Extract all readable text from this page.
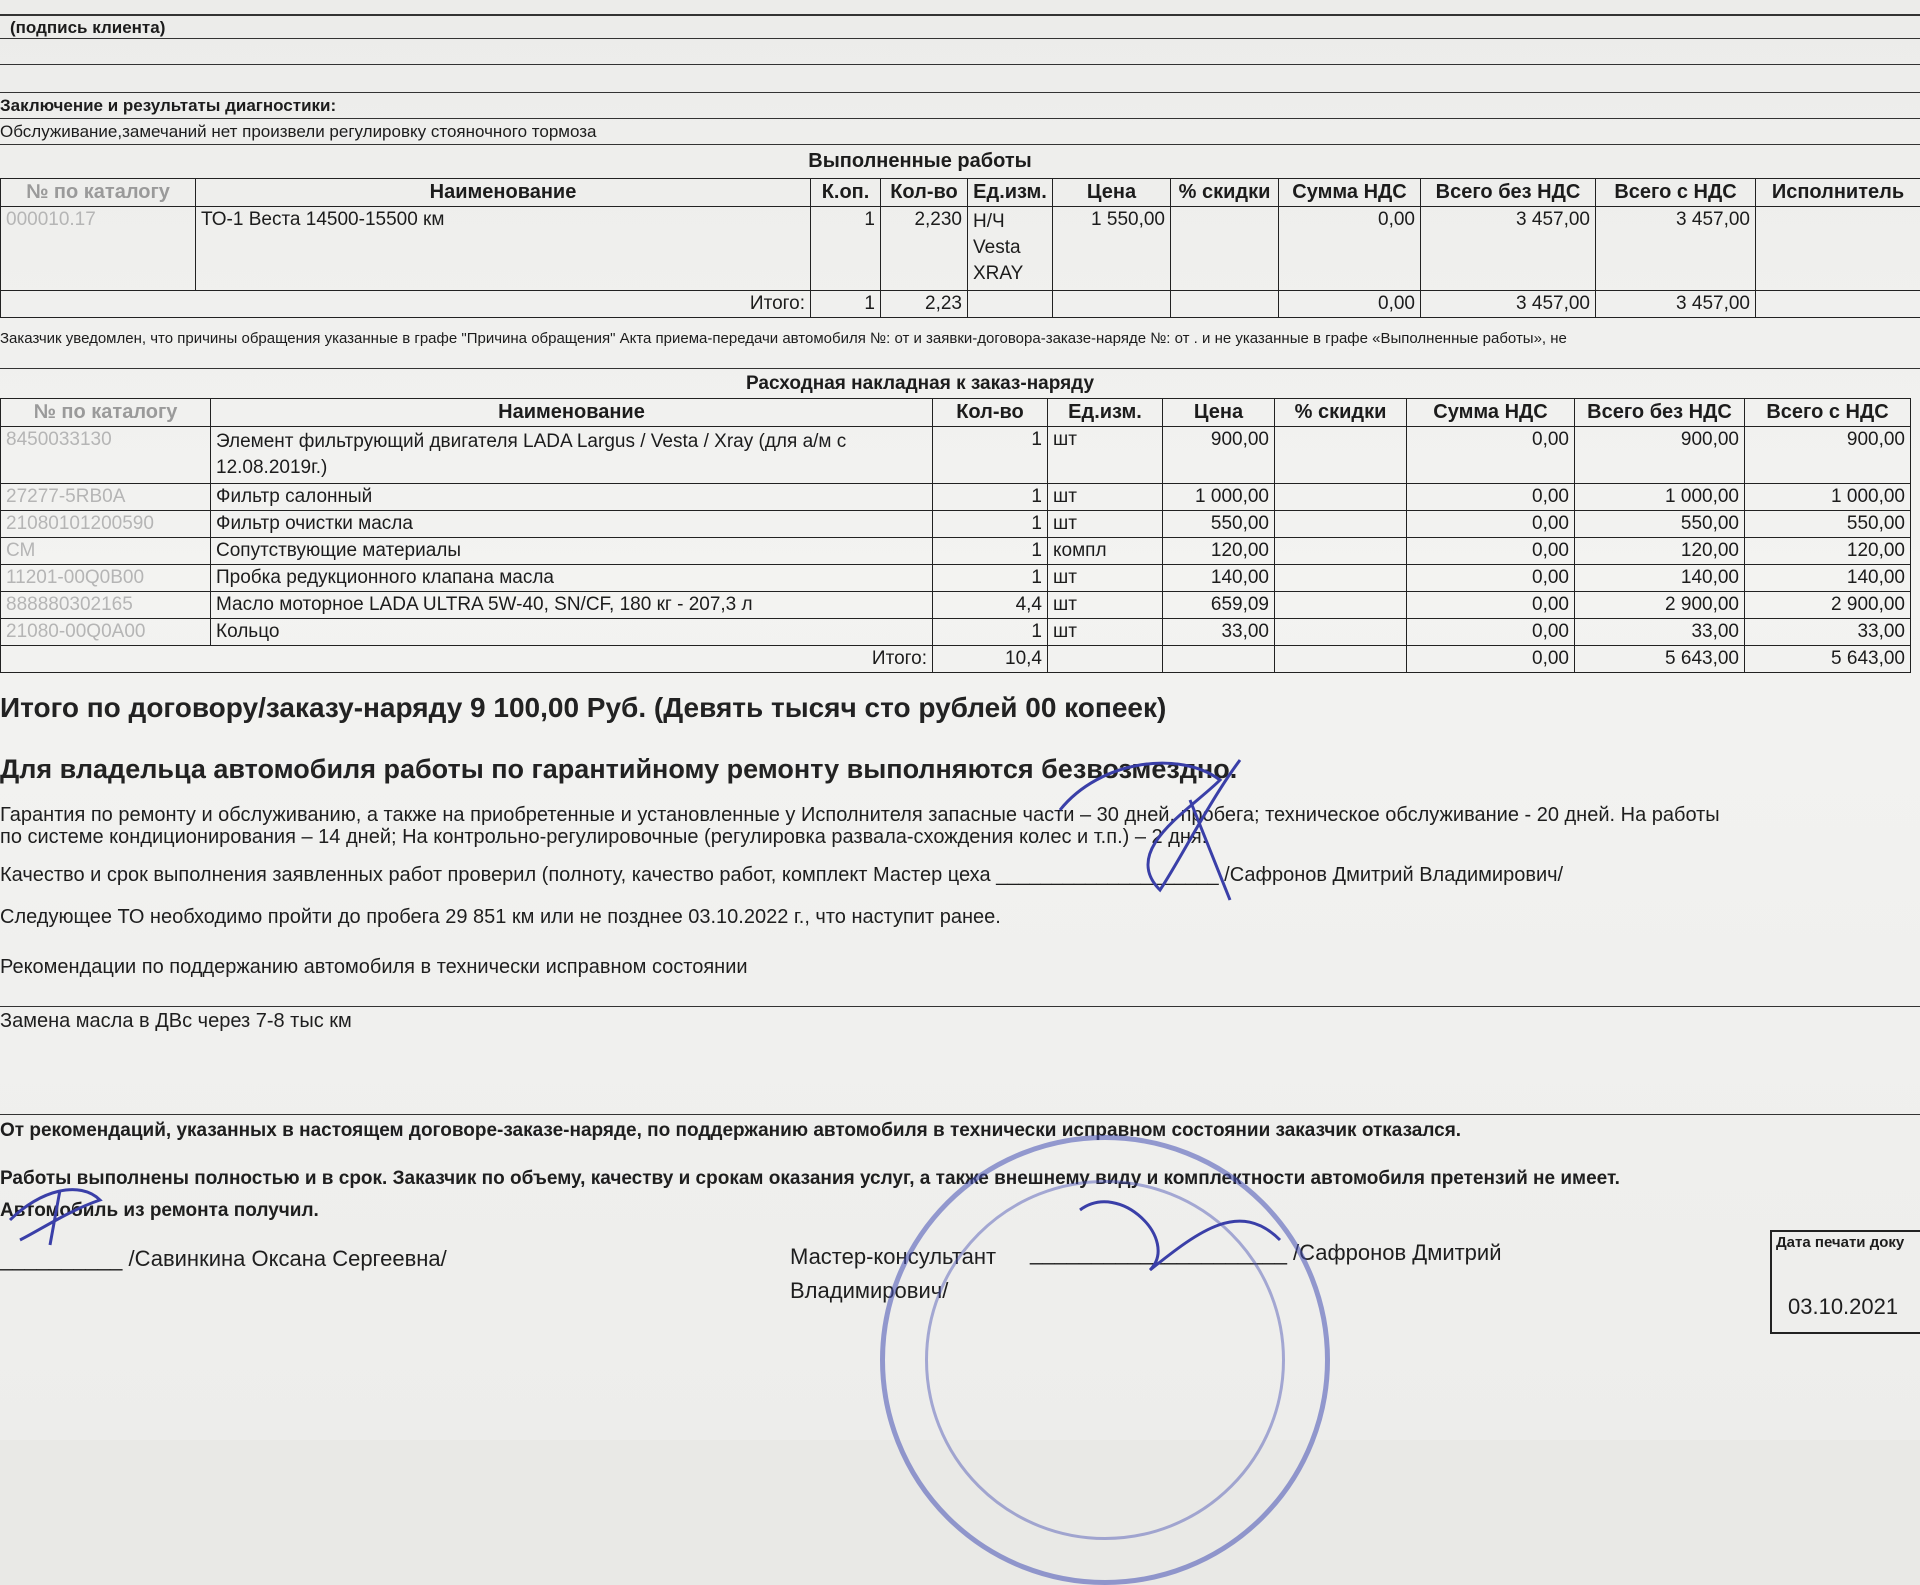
(подпись клиента)
Заключение и результаты диагностики:
Обслуживание,замечаний нет произвели регулировку стояночного тормоза
Выполненные работы
№ по каталогу	Наименование	К.оп.	Кол-во	Ед.изм.	Цена	% скидки	Сумма НДС	Всего без НДС	Всего с НДС	Исполнитель
000010.17	ТО-1 Веста 14500-15500 км	1	2,230	Н/Ч Vesta XRAY	1 550,00		0,00	3 457,00	3 457,00	
Итого:		1	2,23				0,00	3 457,00	3 457,00	
Заказчик уведомлен, что причины обращения указанные в графе "Причина обращения" Акта приема-передачи автомобиля №: от и заявки-договора-заказе-наряде №: от . и не указанные в графе «Выполненные работы», не
Расходная накладная к заказ-наряду
№ по каталогу	Наименование	Кол-во	Ед.изм.	Цена	% скидки	Сумма НДС	Всего без НДС	Всего с НДС
8450033130	Элемент фильтрующий двигателя LADA Largus / Vesta / Xray (для а/м с 12.08.2019г.)	1	шт	900,00		0,00	900,00	900,00
27277-5RB0A	Фильтр салонный	1	шт	1 000,00		0,00	1 000,00	1 000,00
21080101200590	Фильтр очистки масла	1	шт	550,00		0,00	550,00	550,00
СМ	Сопутствующие материалы	1	компл	120,00		0,00	120,00	120,00
11201-00Q0B00	Пробка редукционного клапана масла	1	шт	140,00		0,00	140,00	140,00
888880302165	Масло моторное LADA ULTRA 5W-40, SN/CF, 180 кг - 207,3 л	4,4	шт	659,09		0,00	2 900,00	2 900,00
21080-00Q0A00	Кольцо	1	шт	33,00		0,00	33,00	33,00
Итого:		10,4				0,00	5 643,00	5 643,00
Итого по договору/заказу-наряду 9 100,00 Руб. (Девять тысяч сто рублей 00 копеек)
Для владельца автомобиля работы по гарантийному ремонту выполняются безвозмездно.
Гарантия по ремонту и обслуживанию, а также на приобретенные и установленные у Исполнителя запасные части – 30 дней. пробега; техническое обслуживание - 20 дней. На работы
по системе кондиционирования – 14 дней; На контрольно-регулировочные (регулировка развала-схождения колес и т.п.) – 2 дня.
Качество и срок выполнения заявленных работ проверил (полноту, качество работ, комплект Мастер цеха ____________________ /Сафронов Дмитрий Владимирович/
Следующее ТО необходимо пройти до пробега 29 851 км или не позднее 03.10.2022 г., что наступит ранее.
Рекомендации по поддержанию автомобиля в технически исправном состоянии
Замена масла в ДВс через 7-8 тыс км
От рекомендаций, указанных в настоящем договоре-заказе-наряде, по поддержанию автомобиля в технически исправном состоянии заказчик отказался.
Работы выполнены полностью и в срок. Заказчик по объему, качеству и срокам оказания услуг, а также внешнему виду и комплектности автомобиля претензий не имеет.
Автомобиль из ремонта получил.
__________ /Савинкина Оксана Сергеевна/	Мастер-консультант _____________________ /Сафронов Дмитрий
Владимирович/
Дата печати доку
03.10.2021
